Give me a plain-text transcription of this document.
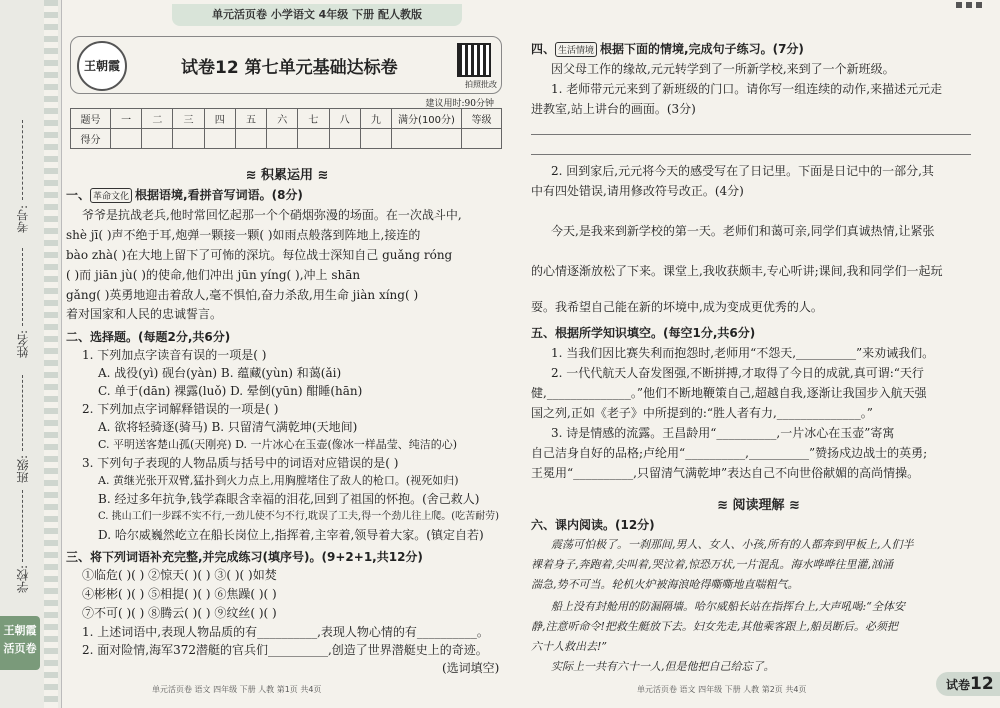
考号:
姓名:
班级:
学校:
王朝霞 活页卷
单元活页卷 小学语文 4年级 下册 配人教版
王朝霞	试卷12 第七单元基础达标卷
拍照批改
建议用时:90分钟
题号	一	二	三	四	五	六	七	八	九	满分(100分)	等级
得分											
≋ 积累运用 ≋
一、 革命文化 根据语境,看拼音写词语。(8分)
爷爷是抗战老兵,他时常回忆起那一个个硝烟弥漫的场面。在一次战斗中,
shè jī( )声不绝于耳,炮弹一颗接一颗( )如雨点般落到阵地上,接连的
bào zhà( )在大地上留下了可怖的深坑。每位战士深知自己 guǎng róng
( )而 jiān jù( )的使命,他们冲出 jūn yíng( ),冲上 shān
gǎng( )英勇地迎击着敌人,毫不惧怕,奋力杀敌,用生命 jiàn xíng( )
着对国家和人民的忠诚誓言。
二、选择题。(每题2分,共6分)
1. 下列加点字读音有误的一项是( )
A. 战役(yì) 砚台(yàn) B. 蕴藏(yùn) 和蔼(ǎi)
C. 单于(dān) 裸露(luǒ) D. 晕倒(yūn) 酣睡(hān)
2. 下列加点字词解释错误的一项是( )
A. 欲将轻骑逐(骑马) B. 只留清气满乾坤(天地间)
C. 平明送客楚山孤(天刚亮) D. 一片冰心在玉壶(像冰一样晶莹、纯洁的心)
3. 下列句子表现的人物品质与括号中的词语对应错误的是( )
A. 黄继光张开双臂,猛扑到火力点上,用胸膛堵住了敌人的枪口。(视死如归)
B. 经过多年抗争,钱学森眼含幸福的泪花,回到了祖国的怀抱。(舍己救人)
C. 挑山工们一步踩不实不行,一劲儿使不匀不行,耽误了工夫,得一个劲儿往上爬。(吃苦耐劳)
D. 哈尔威巍然屹立在船长岗位上,指挥着,主宰着,领导着大家。(镇定自若)
三、将下列词语补充完整,并完成练习(填序号)。(9+2+1,共12分)
①临危( )( ) ②惊天( )( ) ③( )( )如焚
④彬彬( )( ) ⑤相提( )( ) ⑥焦躁( )( )
⑦不可( )( ) ⑧腾云( )( ) ⑨纹丝( )( )
1. 上述词语中,表现人物品质的有__________,表现人物心情的有__________。
2. 面对险情,海军372潜艇的官兵们__________,创造了世界潜艇史上的奇迹。
(选词填空)
单元活页卷 语文 四年级 下册 人教 第1页 共4页
四、 生活情境 根据下面的情境,完成句子练习。(7分)
因父母工作的缘故,元元转学到了一所新学校,来到了一个新班级。
1. 老师带元元来到了新班级的门口。请你写一组连续的动作,来描述元元走
进教室,站上讲台的画面。(3分)
2. 回到家后,元元将今天的感受写在了日记里。下面是日记中的一部分,其
中有四处错误,请用修改符号改正。(4分)
今天,是我来到新学校的第一天。老师们和蔼可亲,同学们真诚热情,让紧张
的心情逐渐放松了下来。课堂上,我收获颇丰,专心听讲;课间,我和同学们一起玩
耍。我希望自己能在新的坏境中,成为变成更优秀的人。
五、根据所学知识填空。(每空1分,共6分)
1. 当我们因比赛失利而抱怨时,老师用“不怨天,__________”来劝诫我们。
2. 一代代航天人奋发图强,不断拼搏,才取得了今日的成就,真可谓:“天行
健,______________。”他们不断地鞭策自己,超越自我,逐渐让我国步入航天强
国之列,正如《老子》中所提到的:“胜人者有力,______________。”
3. 诗是情感的流露。王昌龄用“__________,一片冰心在玉壶”寄寓
自己洁身自好的品格;卢纶用“__________,__________”赞扬戍边战士的英勇;
王冕用“__________,只留清气满乾坤”表达自己不向世俗献媚的高尚情操。
≋ 阅读理解 ≋
六、课内阅读。(12分)
震荡可怕极了。一刹那间,男人、女人、小孩,所有的人都奔到甲板上,人们半
裸着身子,奔跑着,尖叫着,哭泣着,惊恐万状,一片混乱。海水哗哗往里灌,汹涌
湍急,势不可当。轮机火炉被海浪呛得嘶嘶地直喘粗气。
船上没有封舱用的防漏隔墙。哈尔威船长站在指挥台上,大声吼喝:“全体安
静,注意听命令!把救生艇放下去。妇女先走,其他乘客跟上,船员断后。必须把
六十人救出去!”
实际上一共有六十一人,但是他把自己给忘了。
单元活页卷 语文 四年级 下册 人教 第2页 共4页	试卷12
